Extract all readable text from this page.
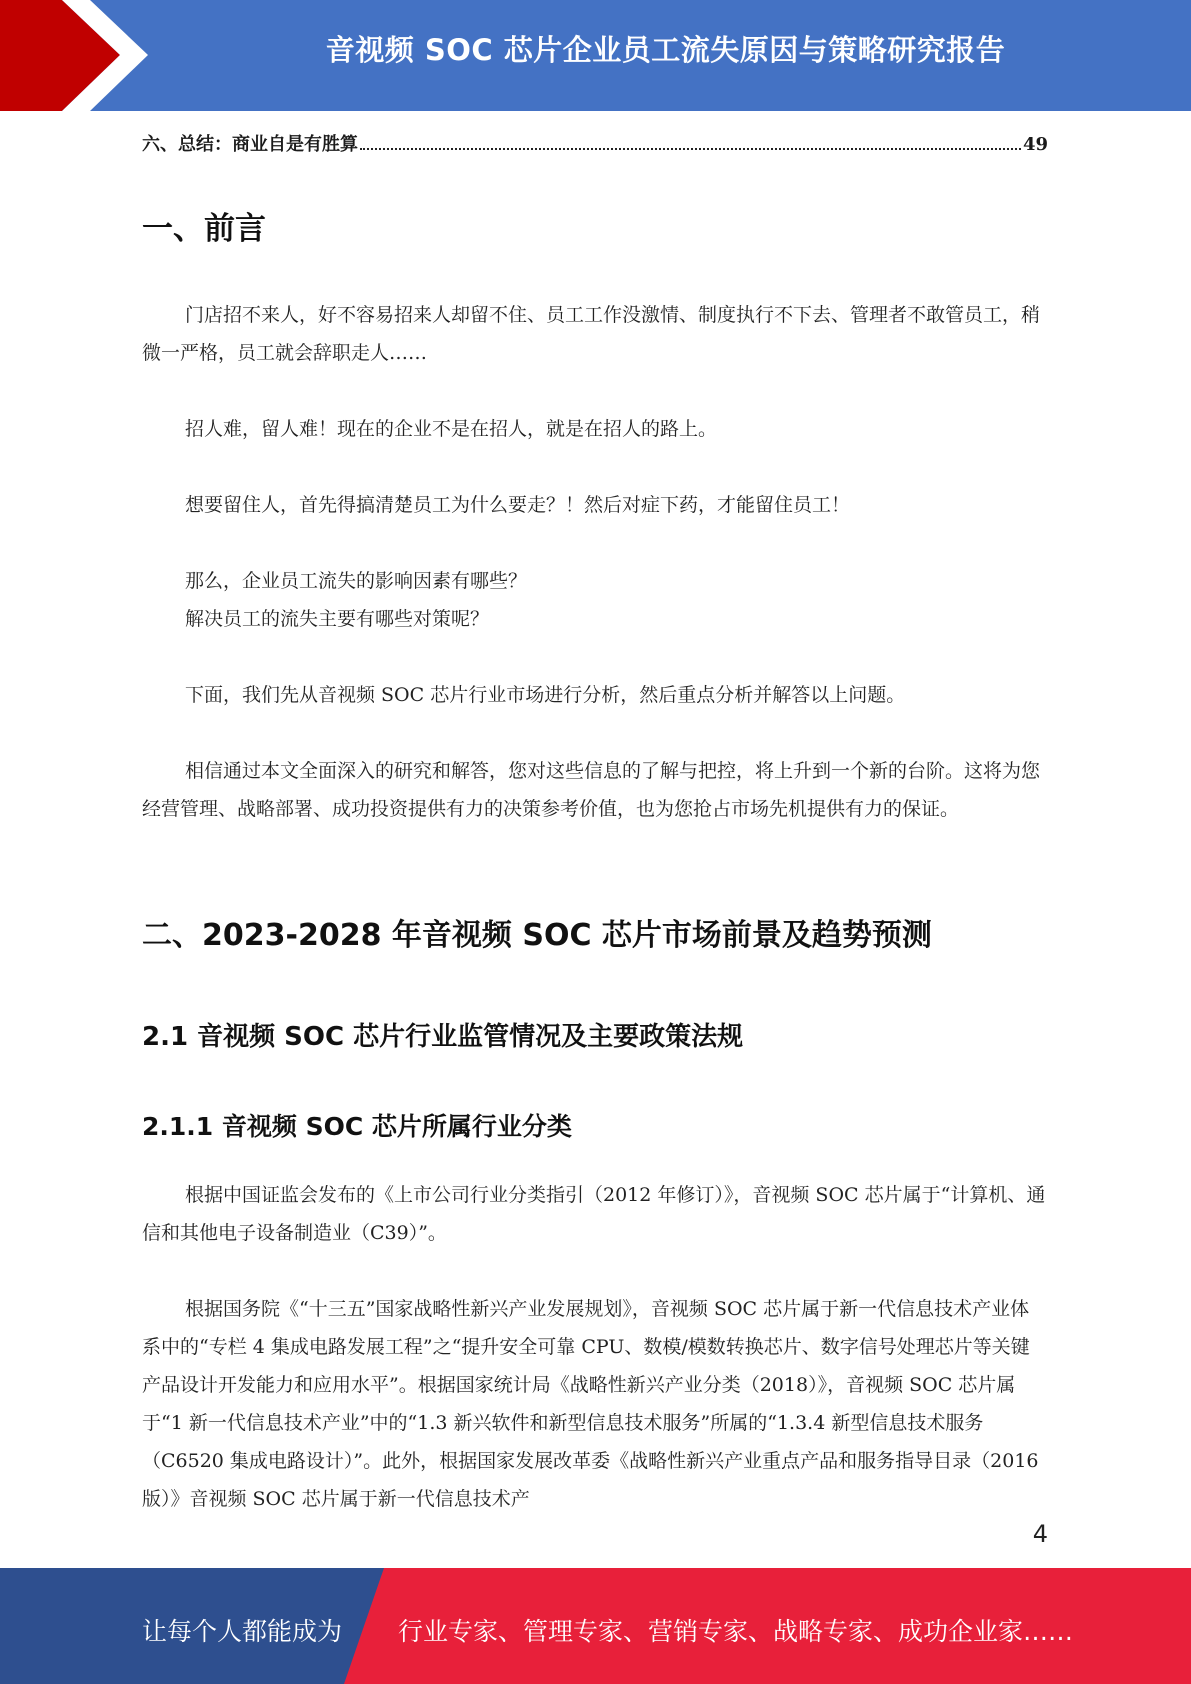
音视频 SOC 芯片企业员工流失原因与策略研究报告
六、总结：商业自是有胜算	49
一、前言

门店招不来人，好不容易招来人却留不住、员工工作没激情、制度执行不下去、管理者不敢管员工，稍微一严格，员工就会辞职走人……

招人难，留人难！现在的企业不是在招人，就是在招人的路上。

想要留住人，首先得搞清楚员工为什么要走？！然后对症下药，才能留住员工！

那么，企业员工流失的影响因素有哪些？

解决员工的流失主要有哪些对策呢？

下面，我们先从音视频 SOC 芯片行业市场进行分析，然后重点分析并解答以上问题。

相信通过本文全面深入的研究和解答，您对这些信息的了解与把控，将上升到一个新的台阶。这将为您经营管理、战略部署、成功投资提供有力的决策参考价值，也为您抢占市场先机提供有力的保证。

二、2023-2028 年音视频 SOC 芯片市场前景及趋势预测
2.1 音视频 SOC 芯片行业监管情况及主要政策法规
2.1.1 音视频 SOC 芯片所属行业分类

根据中国证监会发布的《上市公司行业分类指引（2012 年修订）》，音视频 SOC 芯片属于“计算机、通信和其他电子设备制造业（C39）”。

根据国务院《“十三五”国家战略性新兴产业发展规划》，音视频 SOC 芯片属于新一代信息技术产业体系中的“专栏 4 集成电路发展工程”之“提升安全可靠 CPU、数模/模数转换芯片、数字信号处理芯片等关键产品设计开发能力和应用水平”。根据国家统计局《战略性新兴产业分类（2018）》，音视频 SOC 芯片属于“1 新一代信息技术产业”中的“1.3 新兴软件和新型信息技术服务”所属的“1.3.4 新型信息技术服务（C6520 集成电路设计）”。此外，根据国家发展改革委《战略性新兴产业重点产品和服务指导目录（2016 版）》音视频 SOC 芯片属于新一代信息技术产

4
让每个人都能成为 行业专家、管理专家、营销专家、战略专家、成功企业家……
